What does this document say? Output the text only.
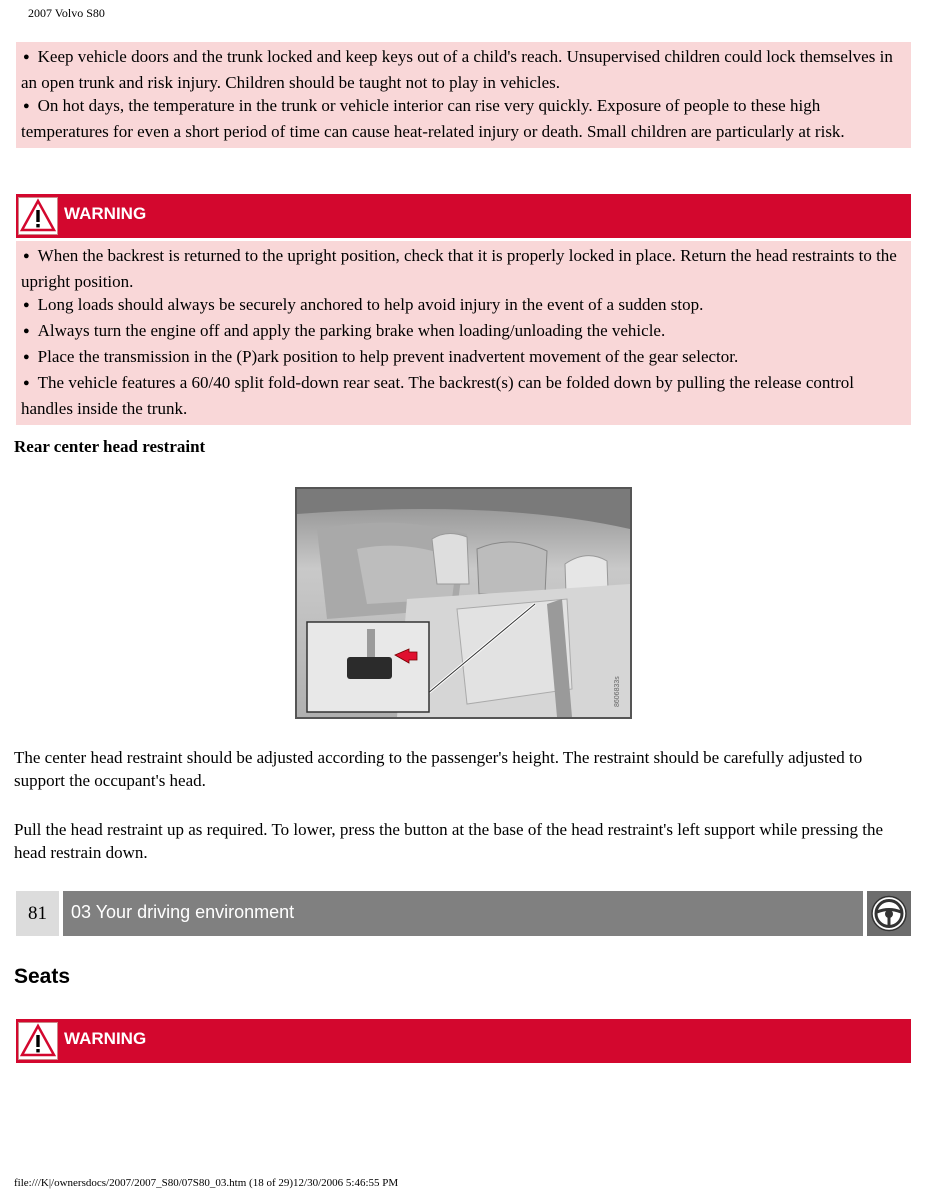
2007 Volvo S80

● Keep vehicle doors and the trunk locked and keep keys out of a child's reach. Unsupervised children could lock themselves in an open trunk and risk injury. Children should be taught not to play in vehicles.

● On hot days, the temperature in the trunk or vehicle interior can rise very quickly. Exposure of people to these high temperatures for even a short period of time can cause heat-related injury or death. Small children are particularly at risk.

WARNING

● When the backrest is returned to the upright position, check that it is properly locked in place. Return the head restraints to the upright position.

● Long loads should always be securely anchored to help avoid injury in the event of a sudden stop.

● Always turn the engine off and apply the parking brake when loading/unloading the vehicle.

● Place the transmission in the (P)ark position to help prevent inadvertent movement of the gear selector.

● The vehicle features a 60/40 split fold-down rear seat. The backrest(s) can be folded down by pulling the release control handles inside the trunk.

Rear center head restraint
8606833s

The center head restraint should be adjusted according to the passenger's height. The restraint should be carefully adjusted to support the occupant's head.

Pull the head restraint up as required. To lower, press the button at the base of the head restraint's left support while pressing the head restrain down.

81	03 Your driving environment
Seats
WARNING
file:///K|/ownersdocs/2007/2007_S80/07S80_03.htm (18 of 29)12/30/2006 5:46:55 PM
